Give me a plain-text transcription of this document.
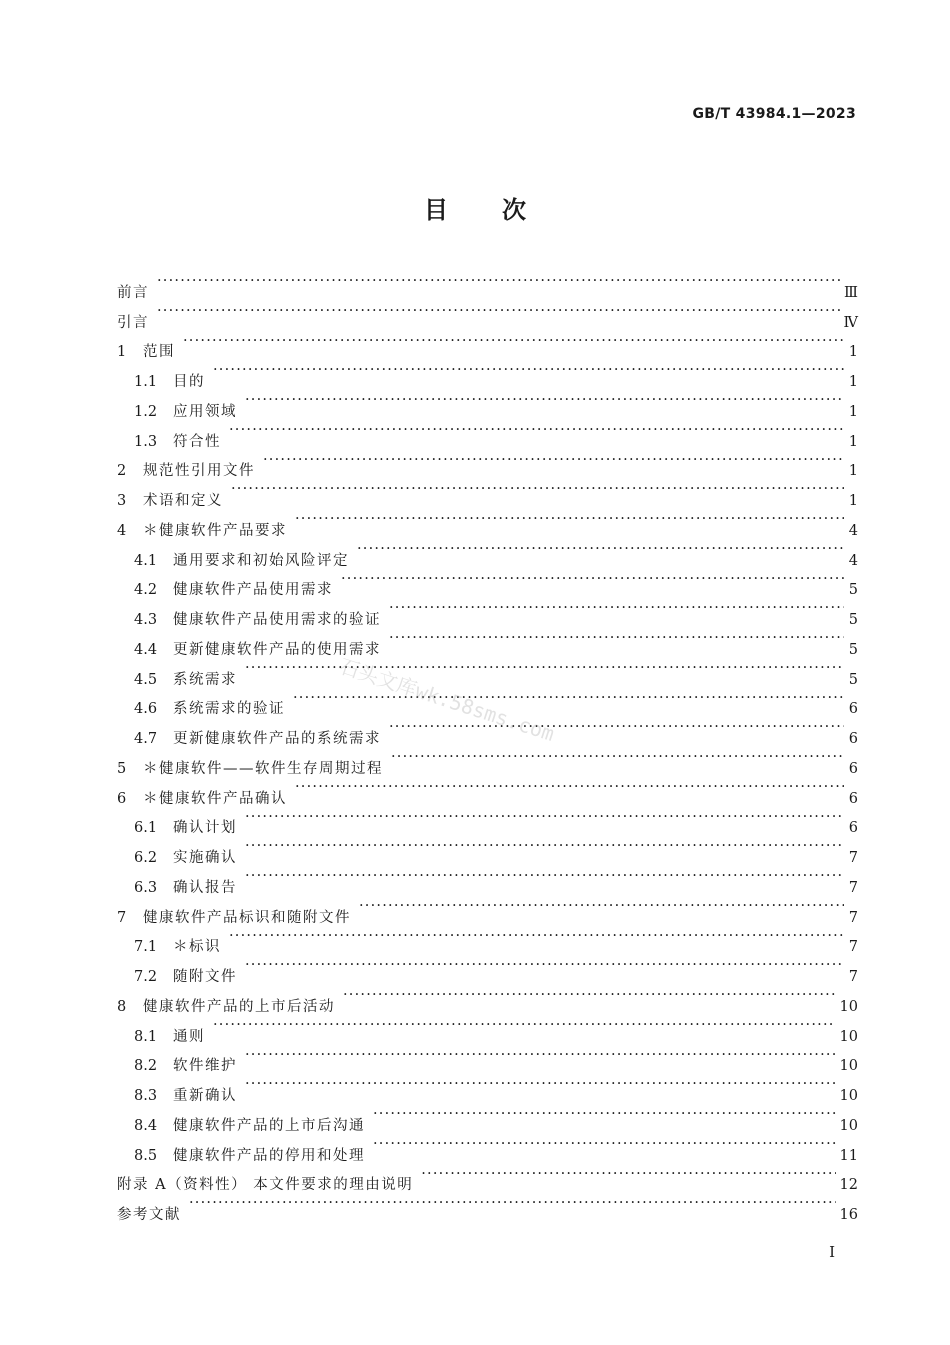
GB/T 43984.1—2023
目 次
前言 ·····	Ⅲ
引言 ·····	Ⅳ
1	范围 ·····	1
1.1	目的 ·····	1
1.2	应用领域 ·····	1
1.3	符合性 ·····	1
2	规范性引用文件 ·····	1
3	术语和定义 ·····	1
4	＊健康软件产品要求 ·····	4
4.1	通用要求和初始风险评定 ·····	4
4.2	健康软件产品使用需求 ·····	5
4.3	健康软件产品使用需求的验证 ·····	5
4.4	更新健康软件产品的使用需求 ·····	5
4.5	系统需求 ·····	5
4.6	系统需求的验证 ·····	6
4.7	更新健康软件产品的系统需求 ·····	6
5	＊健康软件——软件生存周期过程 ·····	6
6	＊健康软件产品确认 ·····	6
6.1	确认计划 ·····	6
6.2	实施确认 ·····	7
6.3	确认报告 ·····	7
7	健康软件产品标识和随附文件 ·····	7
7.1	＊标识 ·····	7
7.2	随附文件 ·····	7
8	健康软件产品的上市后活动 ·····	10
8.1	通则 ·····	10
8.2	软件维护 ·····	10
8.3	重新确认 ·····	10
8.4	健康软件产品的上市后沟通 ·····	10
8.5	健康软件产品的停用和处理 ·····	11
附录 A（资料性） 本文件要求的理由说明 ·····	12
参考文献 ·····	16
石头文库wk.58sms.com
I
